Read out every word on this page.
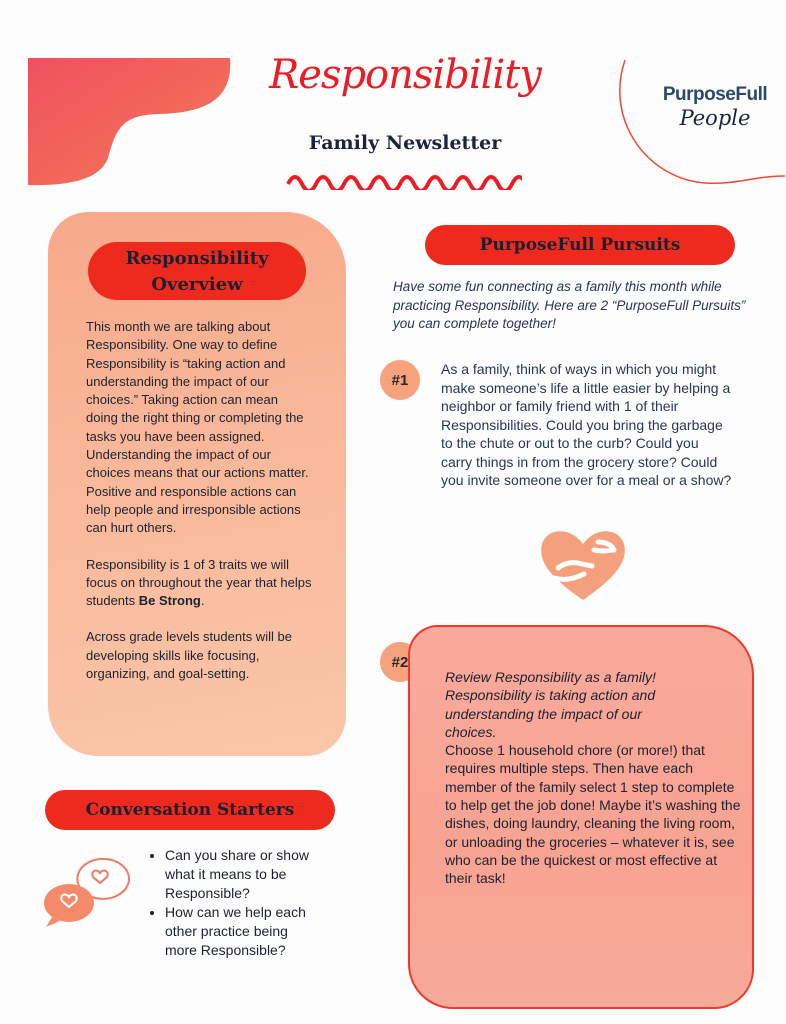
Responsibility
Family Newsletter
PurposeFull
People
Responsibility
Overview

This month we are talking about Responsibility. One way to define Responsibility is “taking action and understanding the impact of our choices.” Taking action can mean doing the right thing or completing the tasks you have been assigned. Understanding the impact of our choices means that our actions matter. Positive and responsible actions can help people and irresponsible actions can hurt others.

Responsibility is 1 of 3 traits we will focus on throughout the year that helps students Be Strong.

Across grade levels students will be developing skills like focusing, organizing, and goal-setting.

Conversation Starters
• Can you share or show what it means to be Responsible?
• How can we help each other practice being more Responsible?
PurposeFull Pursuits
Have some fun connecting as a family this month while practicing Responsibility. Here are 2 “PurposeFull Pursuits” you can complete together!
#1
As a family, think of ways in which you might make someone’s life a little easier by helping a neighbor or family friend with 1 of their Responsibilities. Could you bring the garbage to the chute or out to the curb? Could you carry things in from the grocery store? Could you invite someone over for a meal or a show?
#2
Review Responsibility as a family! Responsibility is taking action and understanding the impact of our choices.
Choose 1 household chore (or more!) that requires multiple steps. Then have each member of the family select 1 step to complete to help get the job done! Maybe it’s washing the dishes, doing laundry, cleaning the living room, or unloading the groceries – whatever it is, see who can be the quickest or most effective at their task!
